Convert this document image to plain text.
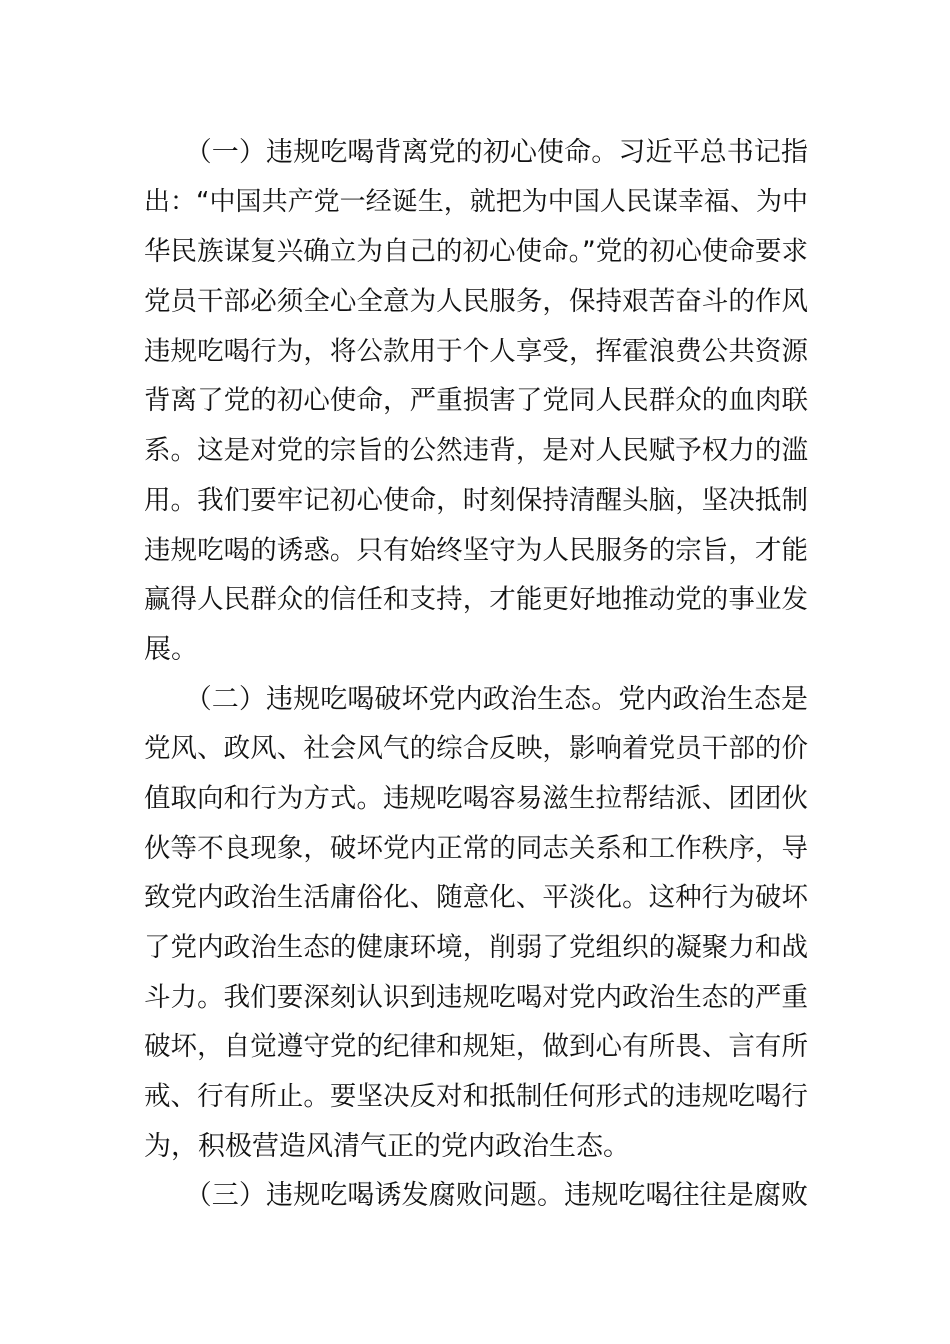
　　（一）违规吃喝背离党的初心使命。习近平总书记指
出：“中国共产党一经诞生，就把为中国人民谋幸福、为中
华民族谋复兴确立为自己的初心使命。”党的初心使命要求
党员干部必须全心全意为人民服务，保持艰苦奋斗的作风
违规吃喝行为，将公款用于个人享受，挥霍浪费公共资源
背离了党的初心使命，严重损害了党同人民群众的血肉联
系。这是对党的宗旨的公然违背，是对人民赋予权力的滥
用。我们要牢记初心使命，时刻保持清醒头脑，坚决抵制
违规吃喝的诱惑。只有始终坚守为人民服务的宗旨，才能
赢得人民群众的信任和支持，才能更好地推动党的事业发
展。
　　（二）违规吃喝破坏党内政治生态。党内政治生态是
党风、政风、社会风气的综合反映，影响着党员干部的价
值取向和行为方式。违规吃喝容易滋生拉帮结派、团团伙
伙等不良现象，破坏党内正常的同志关系和工作秩序，导
致党内政治生活庸俗化、随意化、平淡化。这种行为破坏
了党内政治生态的健康环境，削弱了党组织的凝聚力和战
斗力。我们要深刻认识到违规吃喝对党内政治生态的严重
破坏，自觉遵守党的纪律和规矩，做到心有所畏、言有所
戒、行有所止。要坚决反对和抵制任何形式的违规吃喝行
为，积极营造风清气正的党内政治生态。
　　（三）违规吃喝诱发腐败问题。违规吃喝往往是腐败
